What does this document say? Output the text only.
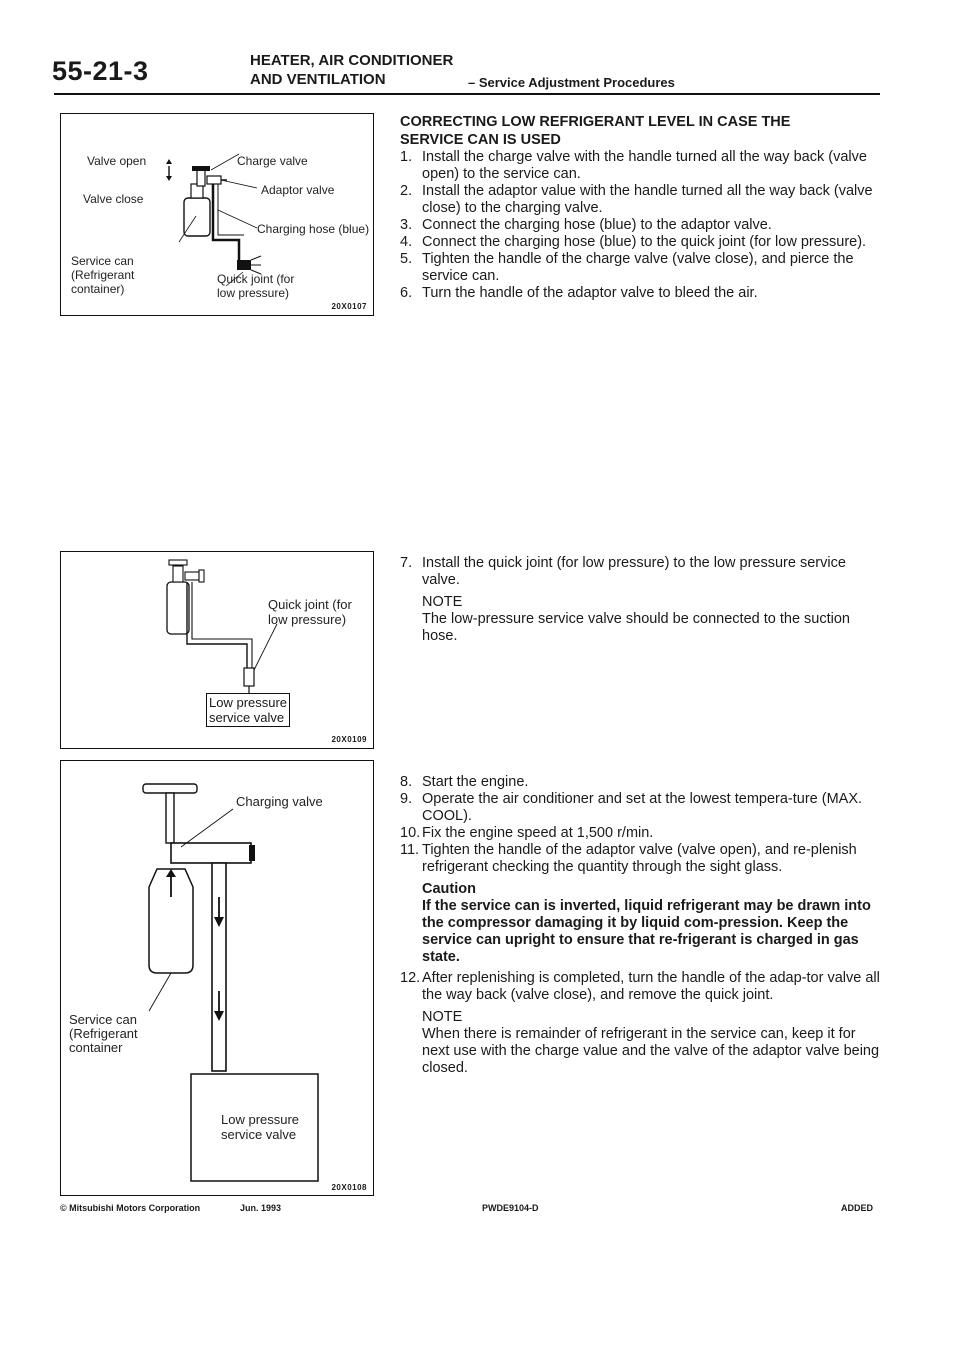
55-21-3	HEATER, AIR CONDITIONER
AND VENTILATION	– Service Adjustment Procedures
Valve open
Valve close
Charge valve
Adaptor valve
Charging hose (blue)
Service can
(Refrigerant
container)
Quick joint (for
low pressure)
20X0107
Quick joint (for
low pressure)
Low pressure
service valve
20X0109
Charging valve
Service can
(Refrigerant
container
Low pressure
service valve
20X0108
CORRECTING LOW REFRIGERANT LEVEL IN CASE THE
SERVICE CAN IS USED
1. Install the charge valve with the handle turned all the way back (valve open) to the service can.
2. Install the adaptor value with the handle turned all the way back (valve close) to the charging valve.
3. Connect the charging hose (blue) to the adaptor valve.
4. Connect the charging hose (blue) to the quick joint (for low pressure).
5. Tighten the handle of the charge valve (valve close), and pierce the service can.
6. Turn the handle of the adaptor valve to bleed the air.
7. Install the quick joint (for low pressure) to the low pressure service valve.
NOTE
The low-pressure service valve should be connected to the suction hose.
8. Start the engine.
9. Operate the air conditioner and set at the lowest tempera-ture (MAX. COOL).
10. Fix the engine speed at 1,500 r/min.
11. Tighten the handle of the adaptor valve (valve open), and re-plenish refrigerant checking the quantity through the sight glass.
Caution
If the service can is inverted, liquid refrigerant may be drawn into the compressor damaging it by liquid com-pression. Keep the service can upright to ensure that re-frigerant is charged in gas state.
12. After replenishing is completed, turn the handle of the adap-tor valve all the way back (valve close), and remove the quick joint.
NOTE
When there is remainder of refrigerant in the service can, keep it for next use with the charge value and the valve of the adaptor valve being closed.
© Mitsubishi Motors Corporation	Jun. 1993	PWDE9104-D	ADDED
